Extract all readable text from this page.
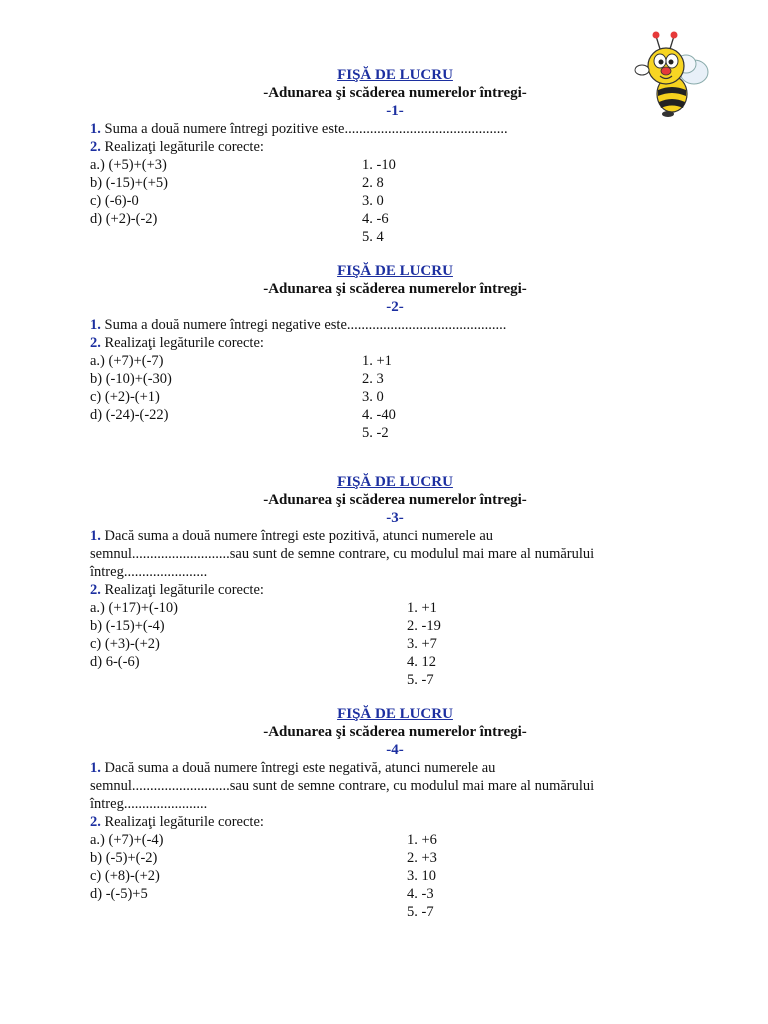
FIŞĂ DE LUCRU
-Adunarea şi scăderea numerelor întregi-
-1-
1. Suma a două numere întregi pozitive este.............................................
2. Realizaţi legăturile corecte:
a.) (+5)+(+3)	1. -10
b) (-15)+(+5)	2. 8
c) (-6)-0	3. 0
d) (+2)-(-2)	4. -6
5. 4
FIŞĂ DE LUCRU
-Adunarea şi scăderea numerelor întregi-
-2-
1. Suma a două numere întregi negative este............................................
2. Realizaţi legăturile corecte:
a.) (+7)+(-7)	1. +1
b) (-10)+(-30)	2. 3
c) (+2)-(+1)	3. 0
d) (-24)-(-22)	4. -40
5. -2
FIŞĂ DE LUCRU
-Adunarea şi scăderea numerelor întregi-
-3-
1. Dacă suma a două numere întregi este pozitivă, atunci numerele au
semnul...........................sau sunt de semne contrare, cu modulul mai mare al numărului
întreg.......................
2. Realizaţi legăturile corecte:
a.) (+17)+(-10)	1. +1
b) (-15)+(-4)	2. -19
c) (+3)-(+2)	3. +7
d) 6-(-6)	4. 12
5. -7
FIŞĂ DE LUCRU
-Adunarea şi scăderea numerelor întregi-
-4-
1. Dacă suma a două numere întregi este negativă, atunci numerele au
semnul...........................sau sunt de semne contrare, cu modulul mai mare al numărului
întreg.......................
2. Realizaţi legăturile corecte:
a.) (+7)+(-4)	1. +6
b) (-5)+(-2)	2. +3
c) (+8)-(+2)	3. 10
d) -(-5)+5	4. -3
5. -7
